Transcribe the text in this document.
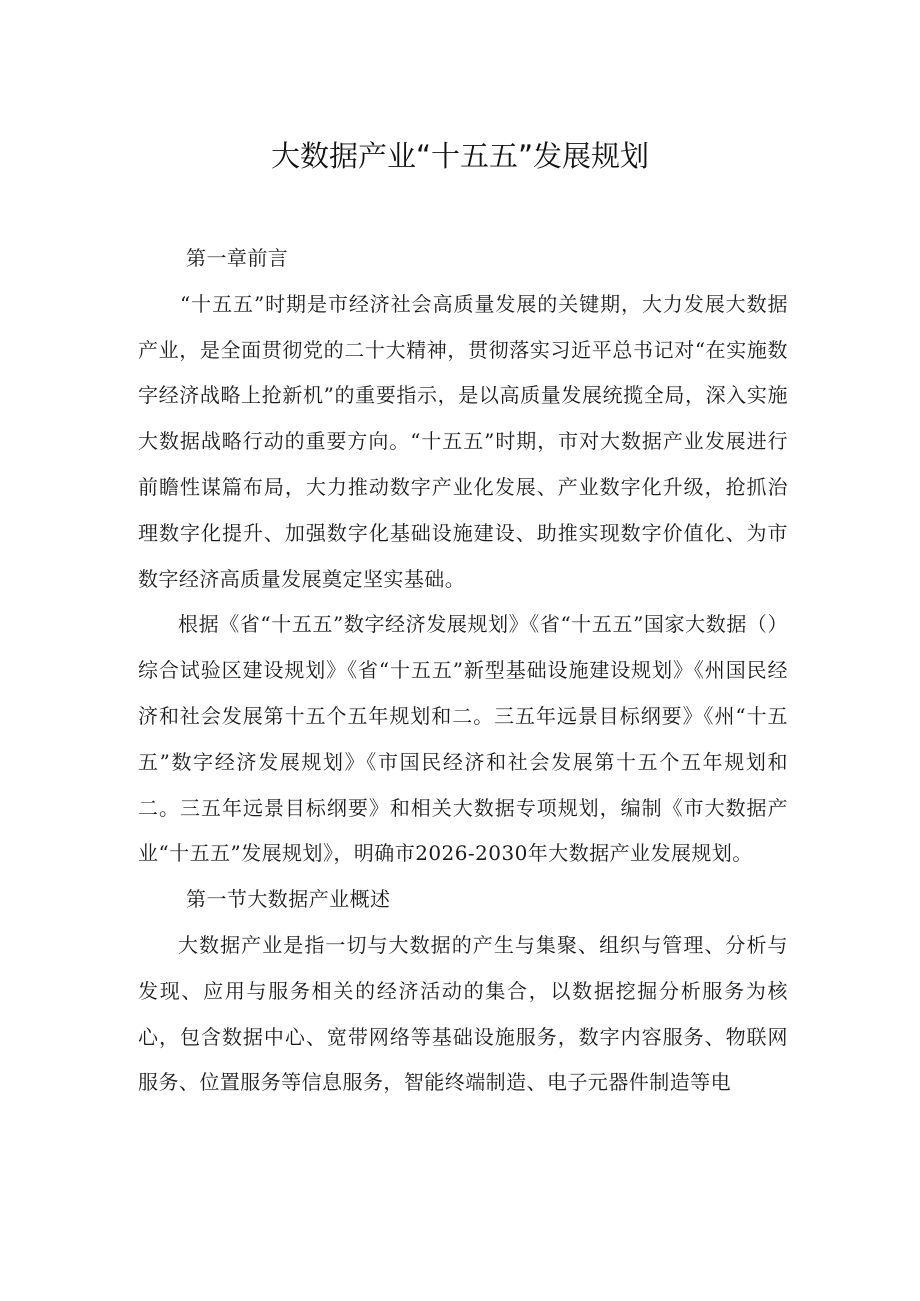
大数据产业“十五五”发展规划

第一章前言

“十五五”时期是市经济社会高质量发展的关键期，大力发展大数据产业，是全面贯彻党的二十大精神，贯彻落实习近平总书记对“在实施数字经济战略上抢新机”的重要指示，是以高质量发展统揽全局，深入实施大数据战略行动的重要方向。“十五五”时期，市对大数据产业发展进行前瞻性谋篇布局，大力推动数字产业化发展、产业数字化升级，抢抓治理数字化提升、加强数字化基础设施建设、助推实现数字价值化、为市数字经济高质量发展奠定坚实基础。

根据《省“十五五”数字经济发展规划》《省“十五五”国家大数据（）综合试验区建设规划》《省“十五五”新型基础设施建设规划》《州国民经济和社会发展第十五个五年规划和二。三五年远景目标纲要》《州“十五五”数字经济发展规划》《市国民经济和社会发展第十五个五年规划和二。三五年远景目标纲要》和相关大数据专项规划，编制《市大数据产业“十五五”发展规划》，明确市2026-2030年大数据产业发展规划。

第一节大数据产业概述

大数据产业是指一切与大数据的产生与集聚、组织与管理、分析与发现、应用与服务相关的经济活动的集合，以数据挖掘分析服务为核心，包含数据中心、宽带网络等基础设施服务，数字内容服务、物联网服务、位置服务等信息服务，智能终端制造、电子元器件制造等电
